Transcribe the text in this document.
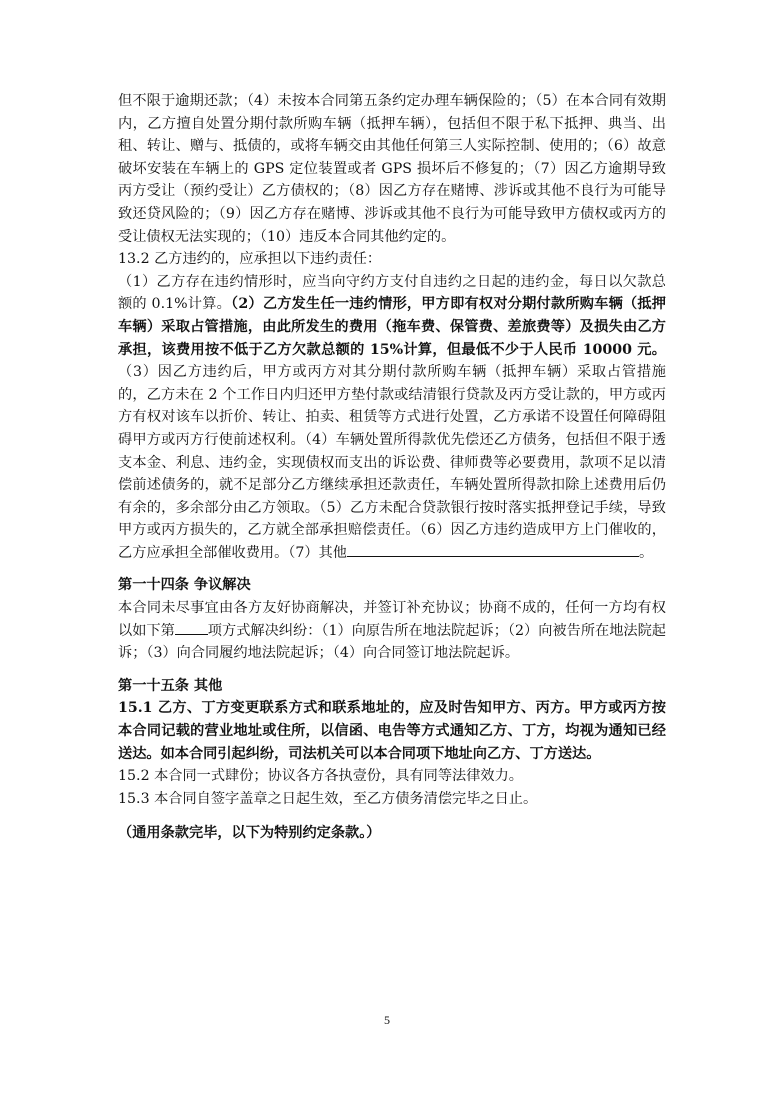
但不限于逾期还款；（4）未按本合同第五条约定办理车辆保险的；（5）在本合同有效期内，乙方擅自处置分期付款所购车辆（抵押车辆），包括但不限于私下抵押、典当、出租、转让、赠与、抵债的，或将车辆交由其他任何第三人实际控制、使用的；（6）故意破坏安装在车辆上的 GPS 定位装置或者 GPS 损坏后不修复的；（7）因乙方逾期导致丙方受让（预约受让）乙方债权的；（8）因乙方存在赌博、涉诉或其他不良行为可能导致还贷风险的；（9）因乙方存在赌博、涉诉或其他不良行为可能导致甲方债权或丙方的受让债权无法实现的；（10）违反本合同其他约定的。

13.2 乙方违约的，应承担以下违约责任：

（1）乙方存在违约情形时，应当向守约方支付自违约之日起的违约金，每日以欠款总额的 0.1%计算。（2）乙方发生任一违约情形，甲方即有权对分期付款所购车辆（抵押车辆）采取占管措施，由此所发生的费用（拖车费、保管费、差旅费等）及损失由乙方承担，该费用按不低于乙方欠款总额的 15%计算，但最低不少于人民币 10000 元。（3）因乙方违约后，甲方或丙方对其分期付款所购车辆（抵押车辆）采取占管措施的，乙方未在 2 个工作日内归还甲方垫付款或结清银行贷款及丙方受让款的，甲方或丙方有权对该车以折价、转让、拍卖、租赁等方式进行处置，乙方承诺不设置任何障碍阻碍甲方或丙方行使前述权利。（4）车辆处置所得款优先偿还乙方债务，包括但不限于透支本金、利息、违约金，实现债权而支出的诉讼费、律师费等必要费用，款项不足以清偿前述债务的，就不足部分乙方继续承担还款责任，车辆处置所得款扣除上述费用后仍有余的，多余部分由乙方领取。（5）乙方未配合贷款银行按时落实抵押登记手续，导致甲方或丙方损失的，乙方就全部承担赔偿责任。（6）因乙方违约造成甲方上门催收的，乙方应承担全部催收费用。（7）其他	。

第一十四条 争议解决

本合同未尽事宜由各方友好协商解决，并签订补充协议；协商不成的，任何一方均有权以如下第 项方式解决纠纷：（1）向原告所在地法院起诉；（2）向被告所在地法院起诉；（3）向合同履约地法院起诉；（4）向合同签订地法院起诉。

第一十五条 其他

15.1 乙方、丁方变更联系方式和联系地址的，应及时告知甲方、丙方。甲方或丙方按本合同记载的营业地址或住所，以信函、电告等方式通知乙方、丁方，均视为通知已经送达。如本合同引起纠纷，司法机关可以本合同项下地址向乙方、丁方送达。

15.2 本合同一式肆份；协议各方各执壹份，具有同等法律效力。

15.3 本合同自签字盖章之日起生效，至乙方债务清偿完毕之日止。

（通用条款完毕，以下为特别约定条款。）

5
